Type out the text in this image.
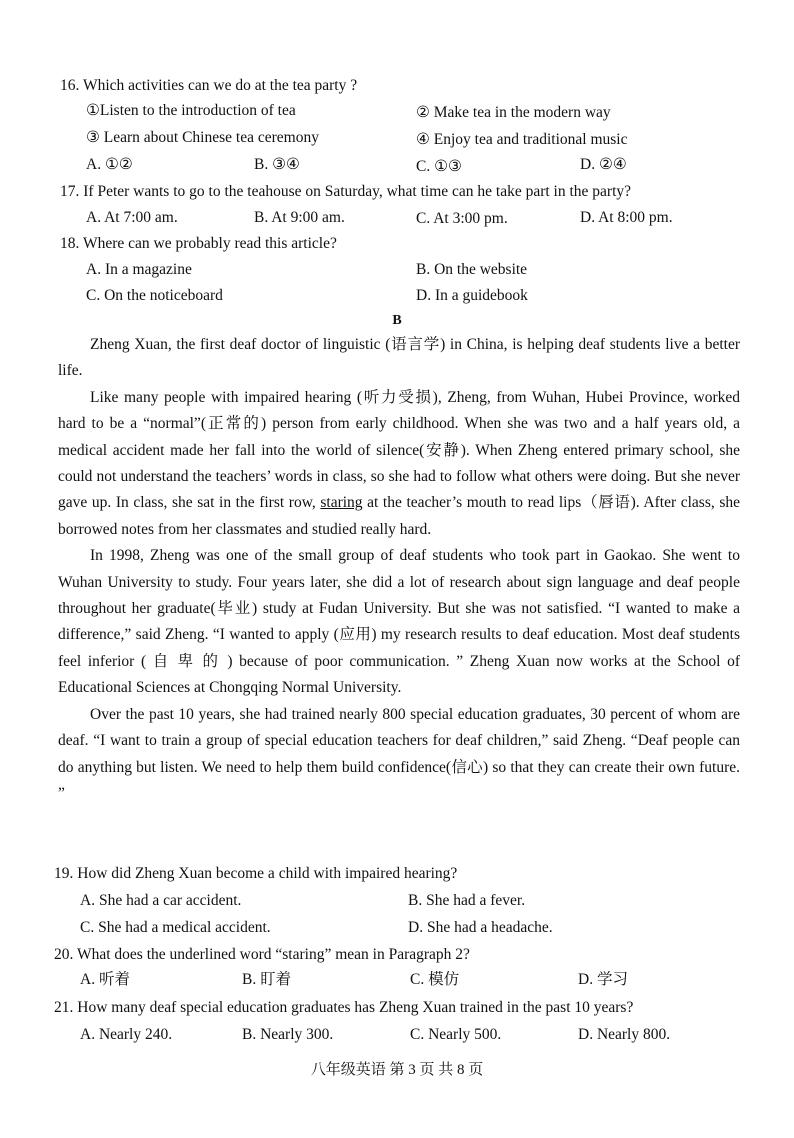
16. Which activities can we do at the tea party ?
①Listen to the introduction of tea	② Make tea in the modern way
③ Learn about Chinese tea ceremony	④ Enjoy tea and traditional music
A. ①②	B. ③④	C. ①③	D. ②④
17. If Peter wants to go to the teahouse on Saturday, what time can he take part in the party?
A. At 7:00 am.	B. At 9:00 am.	C. At 3:00 pm.	D. At 8:00 pm.
18. Where can we probably read this article?
A. In a magazine	B. On the website
C. On the noticeboard	D. In a guidebook
B

Zheng Xuan, the first deaf doctor of linguistic (语言学) in China, is helping deaf students live a better life.

Like many people with impaired hearing (听力受损), Zheng, from Wuhan, Hubei Province, worked hard to be a “normal”(正常的) person from early childhood. When she was two and a half years old, a medical accident made her fall into the world of silence(安静). When Zheng entered primary school, she could not understand the teachers’ words in class, so she had to follow what others were doing. But she never gave up. In class, she sat in the first row, staring at the teacher’s mouth to read lips（唇语). After class, she borrowed notes from her classmates and studied really hard.

In 1998, Zheng was one of the small group of deaf students who took part in Gaokao. She went to Wuhan University to study. Four years later, she did a lot of research about sign language and deaf people throughout her graduate(毕业) study at Fudan University. But she was not satisfied. “I wanted to make a difference,” said Zheng. “I wanted to apply (应用) my research results to deaf education. Most deaf students feel inferior ( 自 卑 的 ) because of poor communication. ” Zheng Xuan now works at the School of Educational Sciences at Chongqing Normal University.

Over the past 10 years, she had trained nearly 800 special education graduates, 30 percent of whom are deaf. “I want to train a group of special education teachers for deaf children,” said Zheng. “Deaf people can do anything but listen. We need to help them build confidence(信心) so that they can create their own future. ”

19. How did Zheng Xuan become a child with impaired hearing?
A. She had a car accident.	B. She had a fever.
C. She had a medical accident.	D. She had a headache.
20. What does the underlined word “staring” mean in Paragraph 2?
A. 听着	B. 盯着	C. 模仿	D. 学习
21. How many deaf special education graduates has Zheng Xuan trained in the past 10 years?
A. Nearly 240.	B. Nearly 300.	C. Nearly 500.	D. Nearly 800.
八年级英语 第 3 页 共 8 页
